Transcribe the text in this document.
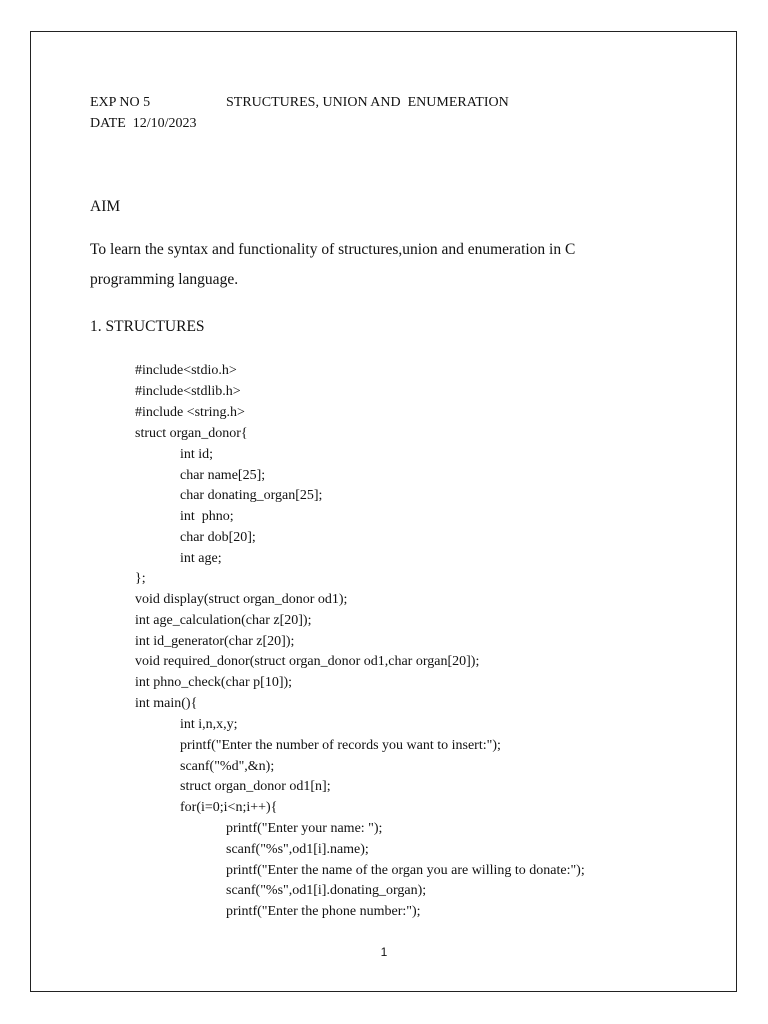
EXP NO 5	STRUCTURES, UNION AND  ENUMERATION
DATE  12/10/2023
AIM
To learn the syntax and functionality of structures,union and enumeration in C
programming language.
1. STRUCTURES
#include<stdio.h>
#include<stdlib.h>
#include <string.h>
struct organ_donor{
int id;
char name[25];
char donating_organ[25];
int  phno;
char dob[20];
int age;
};
void display(struct organ_donor od1);
int age_calculation(char z[20]);
int id_generator(char z[20]);
void required_donor(struct organ_donor od1,char organ[20]);
int phno_check(char p[10]);
int main(){
int i,n,x,y;
printf("Enter the number of records you want to insert:");
scanf("%d",&n);
struct organ_donor od1[n];
for(i=0;i<n;i++){
printf("Enter your name: ");
scanf("%s",od1[i].name);
printf("Enter the name of the organ you are willing to donate:");
scanf("%s",od1[i].donating_organ);
printf("Enter the phone number:");
1
